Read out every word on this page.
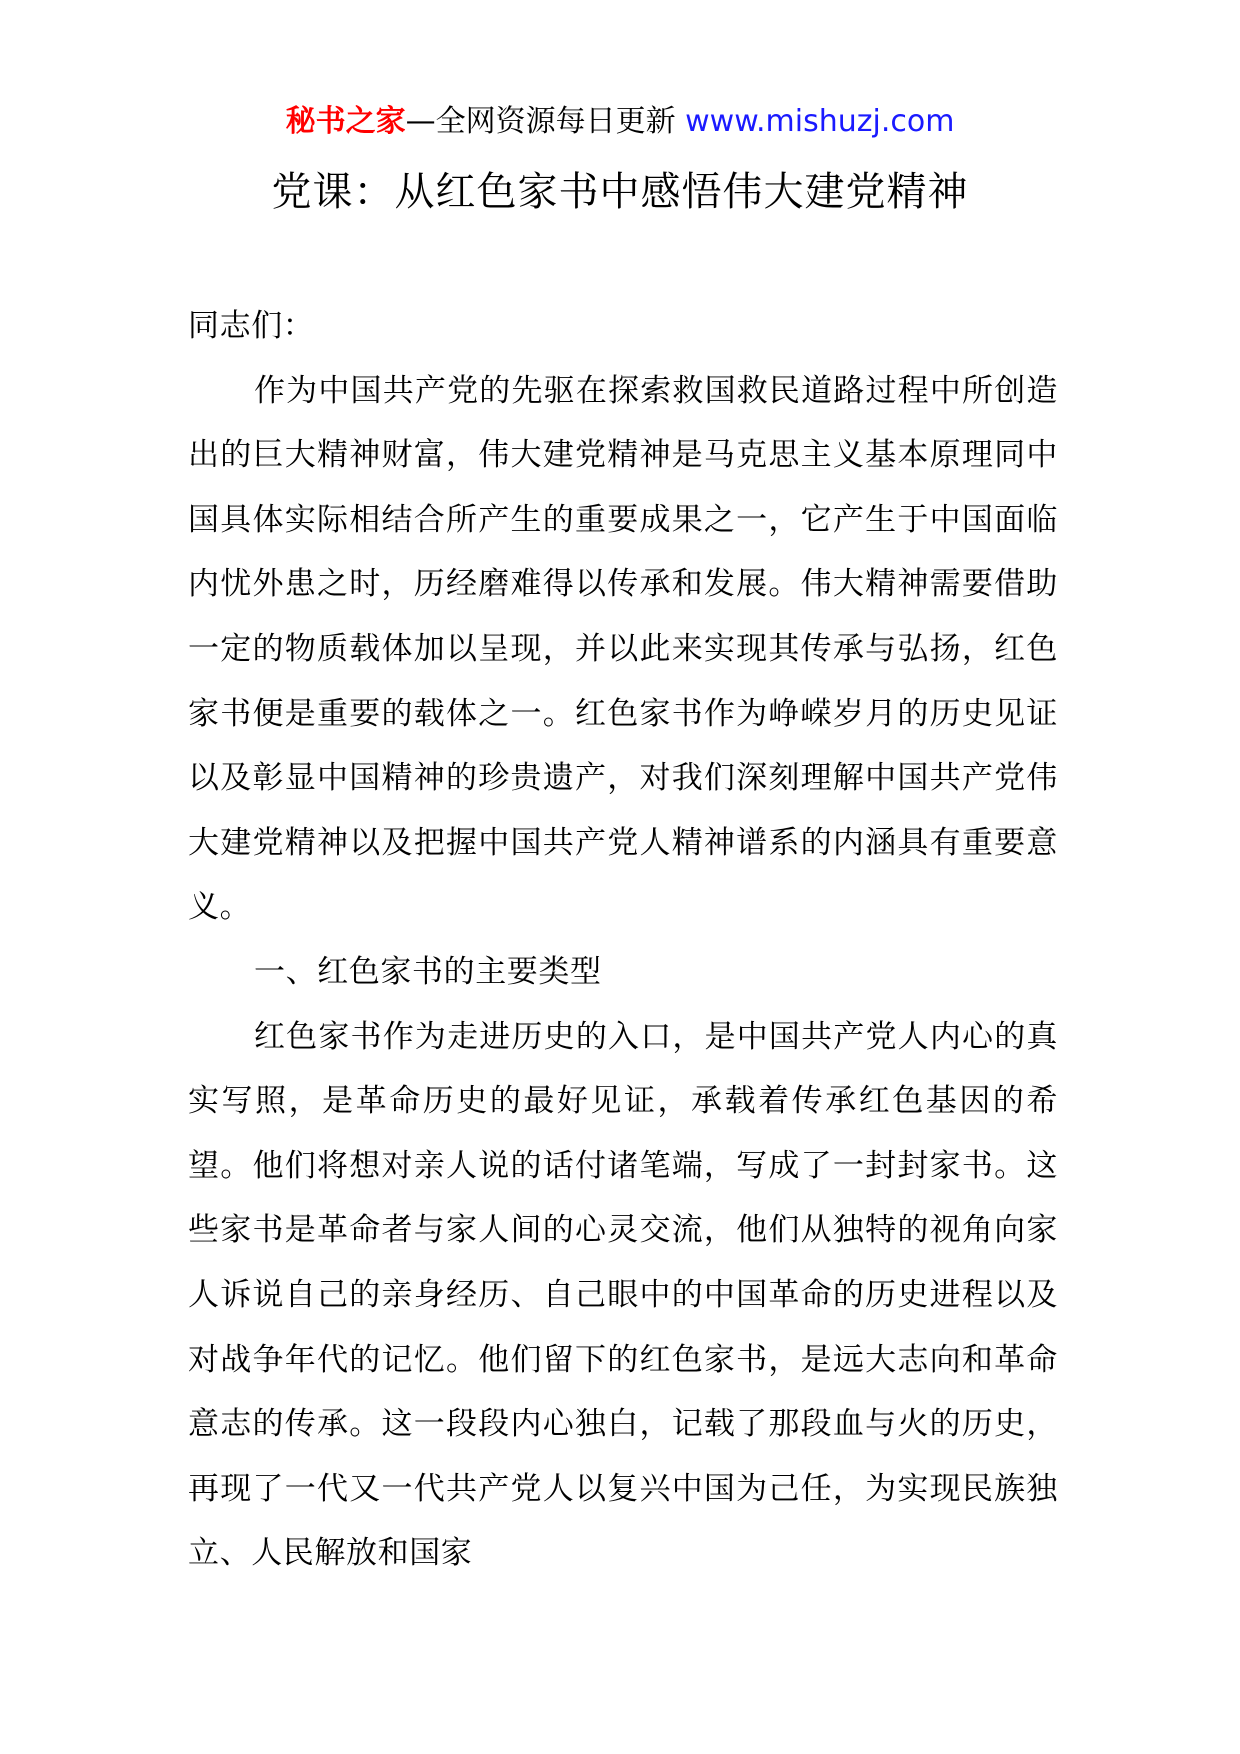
秘书之家—全网资源每日更新 www.mishuzj.com
党课：从红色家书中感悟伟大建党精神

同志们：

作为中国共产党的先驱在探索救国救民道路过程中所创造出的巨大精神财富，伟大建党精神是马克思主义基本原理同中国具体实际相结合所产生的重要成果之一，它产生于中国面临内忧外患之时，历经磨难得以传承和发展。伟大精神需要借助一定的物质载体加以呈现，并以此来实现其传承与弘扬，红色家书便是重要的载体之一。红色家书作为峥嵘岁月的历史见证以及彰显中国精神的珍贵遗产，对我们深刻理解中国共产党伟大建党精神以及把握中国共产党人精神谱系的内涵具有重要意义。

一、红色家书的主要类型

红色家书作为走进历史的入口，是中国共产党人内心的真实写照，是革命历史的最好见证，承载着传承红色基因的希望。他们将想对亲人说的话付诸笔端，写成了一封封家书。这些家书是革命者与家人间的心灵交流，他们从独特的视角向家人诉说自己的亲身经历、自己眼中的中国革命的历史进程以及对战争年代的记忆。他们留下的红色家书，是远大志向和革命意志的传承。这一段段内心独白，记载了那段血与火的历史，再现了一代又一代共产党人以复兴中国为己任，为实现民族独立、人民解放和国家
